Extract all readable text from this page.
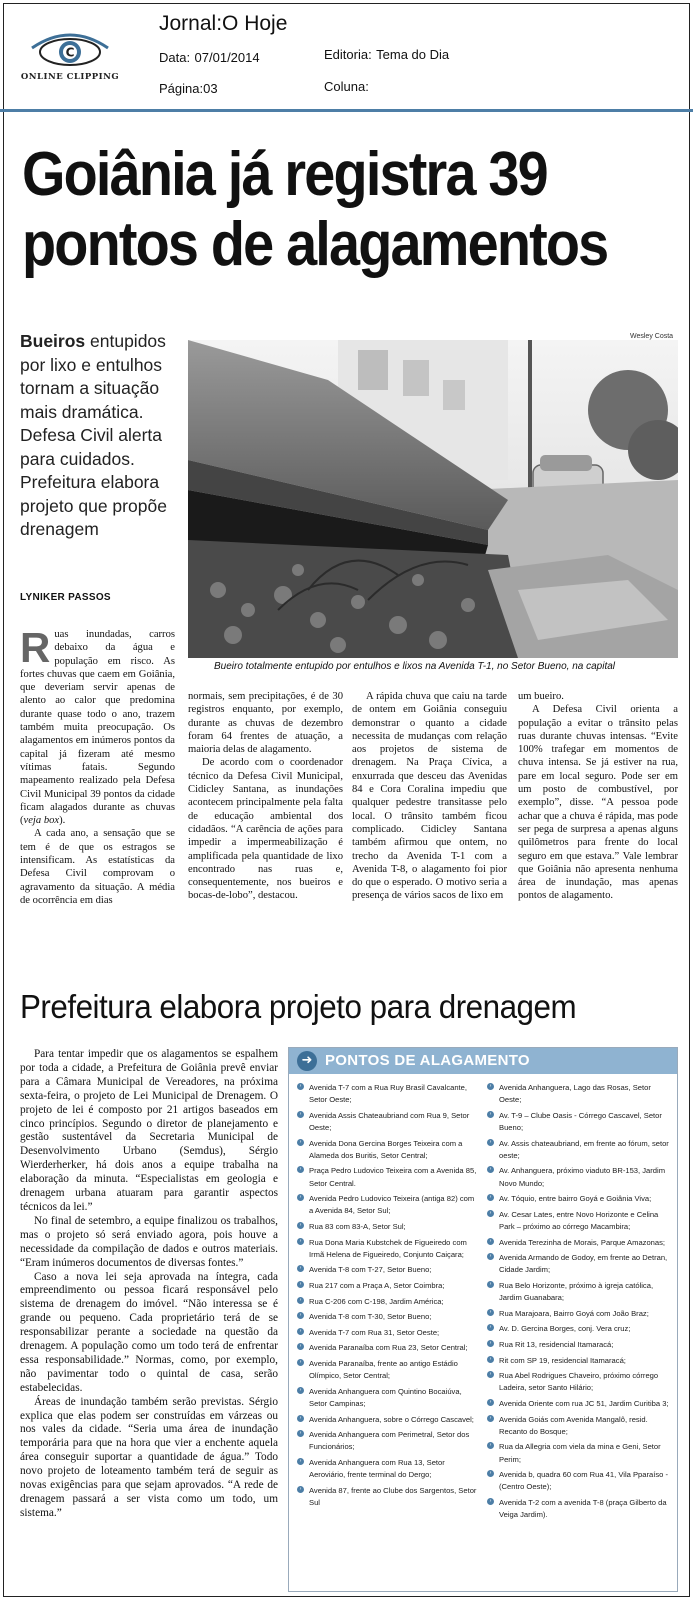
C
ONLINE CLIPPING
Jornal:O Hoje
Data: 07/01/2014
Página:03
Editoria: Tema do Dia
Coluna:
Goiânia já registra 39
pontos de alagamentos
Bueiros entupidos por lixo e entulhos tornam a situação mais dramática. Defesa Civil alerta para cuidados. Prefeitura elabora projeto que propõe drenagem
LYNIKER PASSOS
Wesley Costa
Bueiro totalmente entupido por entulhos e lixos na Avenida T-1, no Setor Bueno, na capital

Ruas inundadas, carros debaixo da água e população em risco. As fortes chuvas que caem em Goiânia, que deveriam servir apenas de alento ao calor que predomina durante quase todo o ano, trazem também muita preocupação. Os alagamentos em inúmeros pontos da capital já fizeram até mesmo vítimas fatais. Segundo mapeamento realizado pela Defesa Civil Municipal 39 pontos da cidade ficam alagados durante as chuvas (veja box).

A cada ano, a sensação que se tem é de que os estragos se intensificam. As estatísticas da Defesa Civil comprovam o agravamento da situação. A média de ocorrência em dias

normais, sem precipitações, é de 30 registros enquanto, por exemplo, durante as chuvas de dezembro foram 64 frentes de atuação, a maioria delas de alagamento.

De acordo com o coordenador técnico da Defesa Civil Municipal, Cidicley Santana, as inundações acontecem principalmente pela falta de educação ambiental dos cidadãos. “A carência de ações para impedir a impermeabilização é amplificada pela quantidade de lixo encontrado nas ruas e, consequentemente, nos bueiros e bocas-de-lobo”, destacou.

A rápida chuva que caiu na tarde de ontem em Goiânia conseguiu demonstrar o quanto a cidade necessita de mudanças com relação aos projetos de sistema de drenagem. Na Praça Cívica, a enxurrada que desceu das Avenidas 84 e Cora Coralina impediu que qualquer pedestre transitasse pelo local. O trânsito também ficou complicado. Cidicley Santana também afirmou que ontem, no trecho da Avenida T-1 com a Avenida T-8, o alagamento foi pior do que o esperado. O motivo seria a presença de vários sacos de lixo em

um bueiro.

A Defesa Civil orienta a população a evitar o trânsito pelas ruas durante chuvas intensas. “Evite 100% trafegar em momentos de chuva intensa. Se já estiver na rua, pare em local seguro. Pode ser em um posto de combustível, por exemplo”, disse. “A pessoa pode achar que a chuva é rápida, mas pode ser pega de surpresa a apenas alguns quilômetros para frente do local seguro em que estava.” Vale lembrar que Goiânia não apresenta nenhuma área de inundação, mas apenas pontos de alagamento.

Prefeitura elabora projeto para drenagem

Para tentar impedir que os alagamentos se espalhem por toda a cidade, a Prefeitura de Goiânia prevê enviar para a Câmara Municipal de Vereadores, na próxima sexta-feira, o projeto de Lei Municipal de Drenagem. O projeto de lei é composto por 21 artigos baseados em cinco princípios. Segundo o diretor de planejamento e gestão sustentável da Secretaria Municipal de Desenvolvimento Urbano (Semdus), Sérgio Wierderherker, há dois anos a equipe trabalha na elaboração da minuta. “Especialistas em geologia e drenagem urbana atuaram para garantir aspectos técnicos da lei.”

No final de setembro, a equipe finalizou os trabalhos, mas o projeto só será enviado agora, pois houve a necessidade da compilação de dados e outros materiais. “Eram inúmeros documentos de diversas fontes.”

Caso a nova lei seja aprovada na íntegra, cada empreendimento ou pessoa ficará responsável pelo sistema de drenagem do imóvel. “Não interessa se é grande ou pequeno. Cada proprietário terá de se responsabilizar perante a sociedade na questão da drenagem. A população como um todo terá de enfrentar essa responsabilidade.” Normas, como, por exemplo, não pavimentar todo o quintal de casa, serão estabelecidas.

Áreas de inundação também serão previstas. Sérgio explica que elas podem ser construídas em várzeas ou nos vales da cidade. “Seria uma área de inundação temporária para que na hora que vier a enchente aquela área conseguir suportar a quantidade de água.” Todo novo projeto de loteamento também terá de seguir as novas exigências para que sejam aprovados. “A rede de drenagem passará a ser vista como um todo, um sistema.”

➜ PONTOS DE ALAGAMENTO
›	Avenida T-7 com a Rua Ruy Brasil Cavalcante, Setor Oeste;
›	Avenida Assis Chateaubriand com Rua 9, Setor Oeste;
›	Avenida Dona Gercina Borges Teixeira com a Alameda dos Buritis, Setor Central;
›	Praça Pedro Ludovico Teixeira com a Avenida 85, Setor Central.
›	Avenida Pedro Ludovico Teixeira (antiga 82) com a Avenida 84, Setor Sul;
›	Rua 83 com 83-A, Setor Sul;
›	Rua Dona Maria Kubstchek de Figueiredo com Irmã Helena de Figueiredo, Conjunto Caiçara;
›	Avenida T-8 com T-27, Setor Bueno;
›	Rua 217 com a Praça A, Setor Coimbra;
›	Rua C-206 com C-198, Jardim América;
›	Avenida T-8 com T-30, Setor Bueno;
›	Avenida T-7 com Rua 31, Setor Oeste;
›	Avenida Paranaíba com Rua 23, Setor Central;
›	Avenida Paranaíba, frente ao antigo Estádio Olímpico, Setor Central;
›	Avenida Anhanguera com Quintino Bocaiúva, Setor Campinas;
›	Avenida Anhanguera, sobre o Córrego Cascavel;
›	Avenida Anhanguera com Perimetral, Setor dos Funcionários;
›	Avenida Anhanguera com Rua 13, Setor Aeroviário, frente terminal do Dergo;
›	Avenida 87, frente ao Clube dos Sargentos, Setor Sul
›	Avenida Anhanguera, Lago das Rosas, Setor Oeste;
›	Av. T-9 – Clube Oasis - Córrego Cascavel, Setor Bueno;
›	Av. Assis chateaubriand, em frente ao fórum, setor oeste;
›	Av. Anhanguera, próximo viaduto BR-153, Jardim Novo Mundo;
›	Av. Tóquio, entre bairro Goyá e Goiânia Viva;
›	Av. Cesar Lates, entre Novo Horizonte e Celina Park – próximo ao córrego Macambira;
›	Avenida Terezinha de Morais, Parque Amazonas;
›	Avenida Armando de Godoy, em frente ao Detran, Cidade Jardim;
›	Rua Belo Horizonte, próximo à igreja católica, Jardim Guanabara;
›	Rua Marajoara, Bairro Goyá com João Braz;
›	Av. D. Gercina Borges, conj. Vera cruz;
›	Rua Rit 13, residencial Itamaracá;
›	Rit com SP 19, residencial Itamaracá;
›	Rua Abel Rodrigues Chaveiro, próximo córrego Ladeira, setor Santo Hilário;
›	Avenida Oriente com rua JC 51, Jardim Curitiba 3;
›	Avenida Goiás com Avenida Mangalô, resid. Recanto do Bosque;
›	Rua da Allegria com viela da mina e Geni, Setor Perim;
›	Avenida b, quadra 60 com Rua 41, Vila Pparaíso - (Centro Oeste);
›	Avenida T-2 com a avenida T-8 (praça Gilberto da Veiga Jardim).
